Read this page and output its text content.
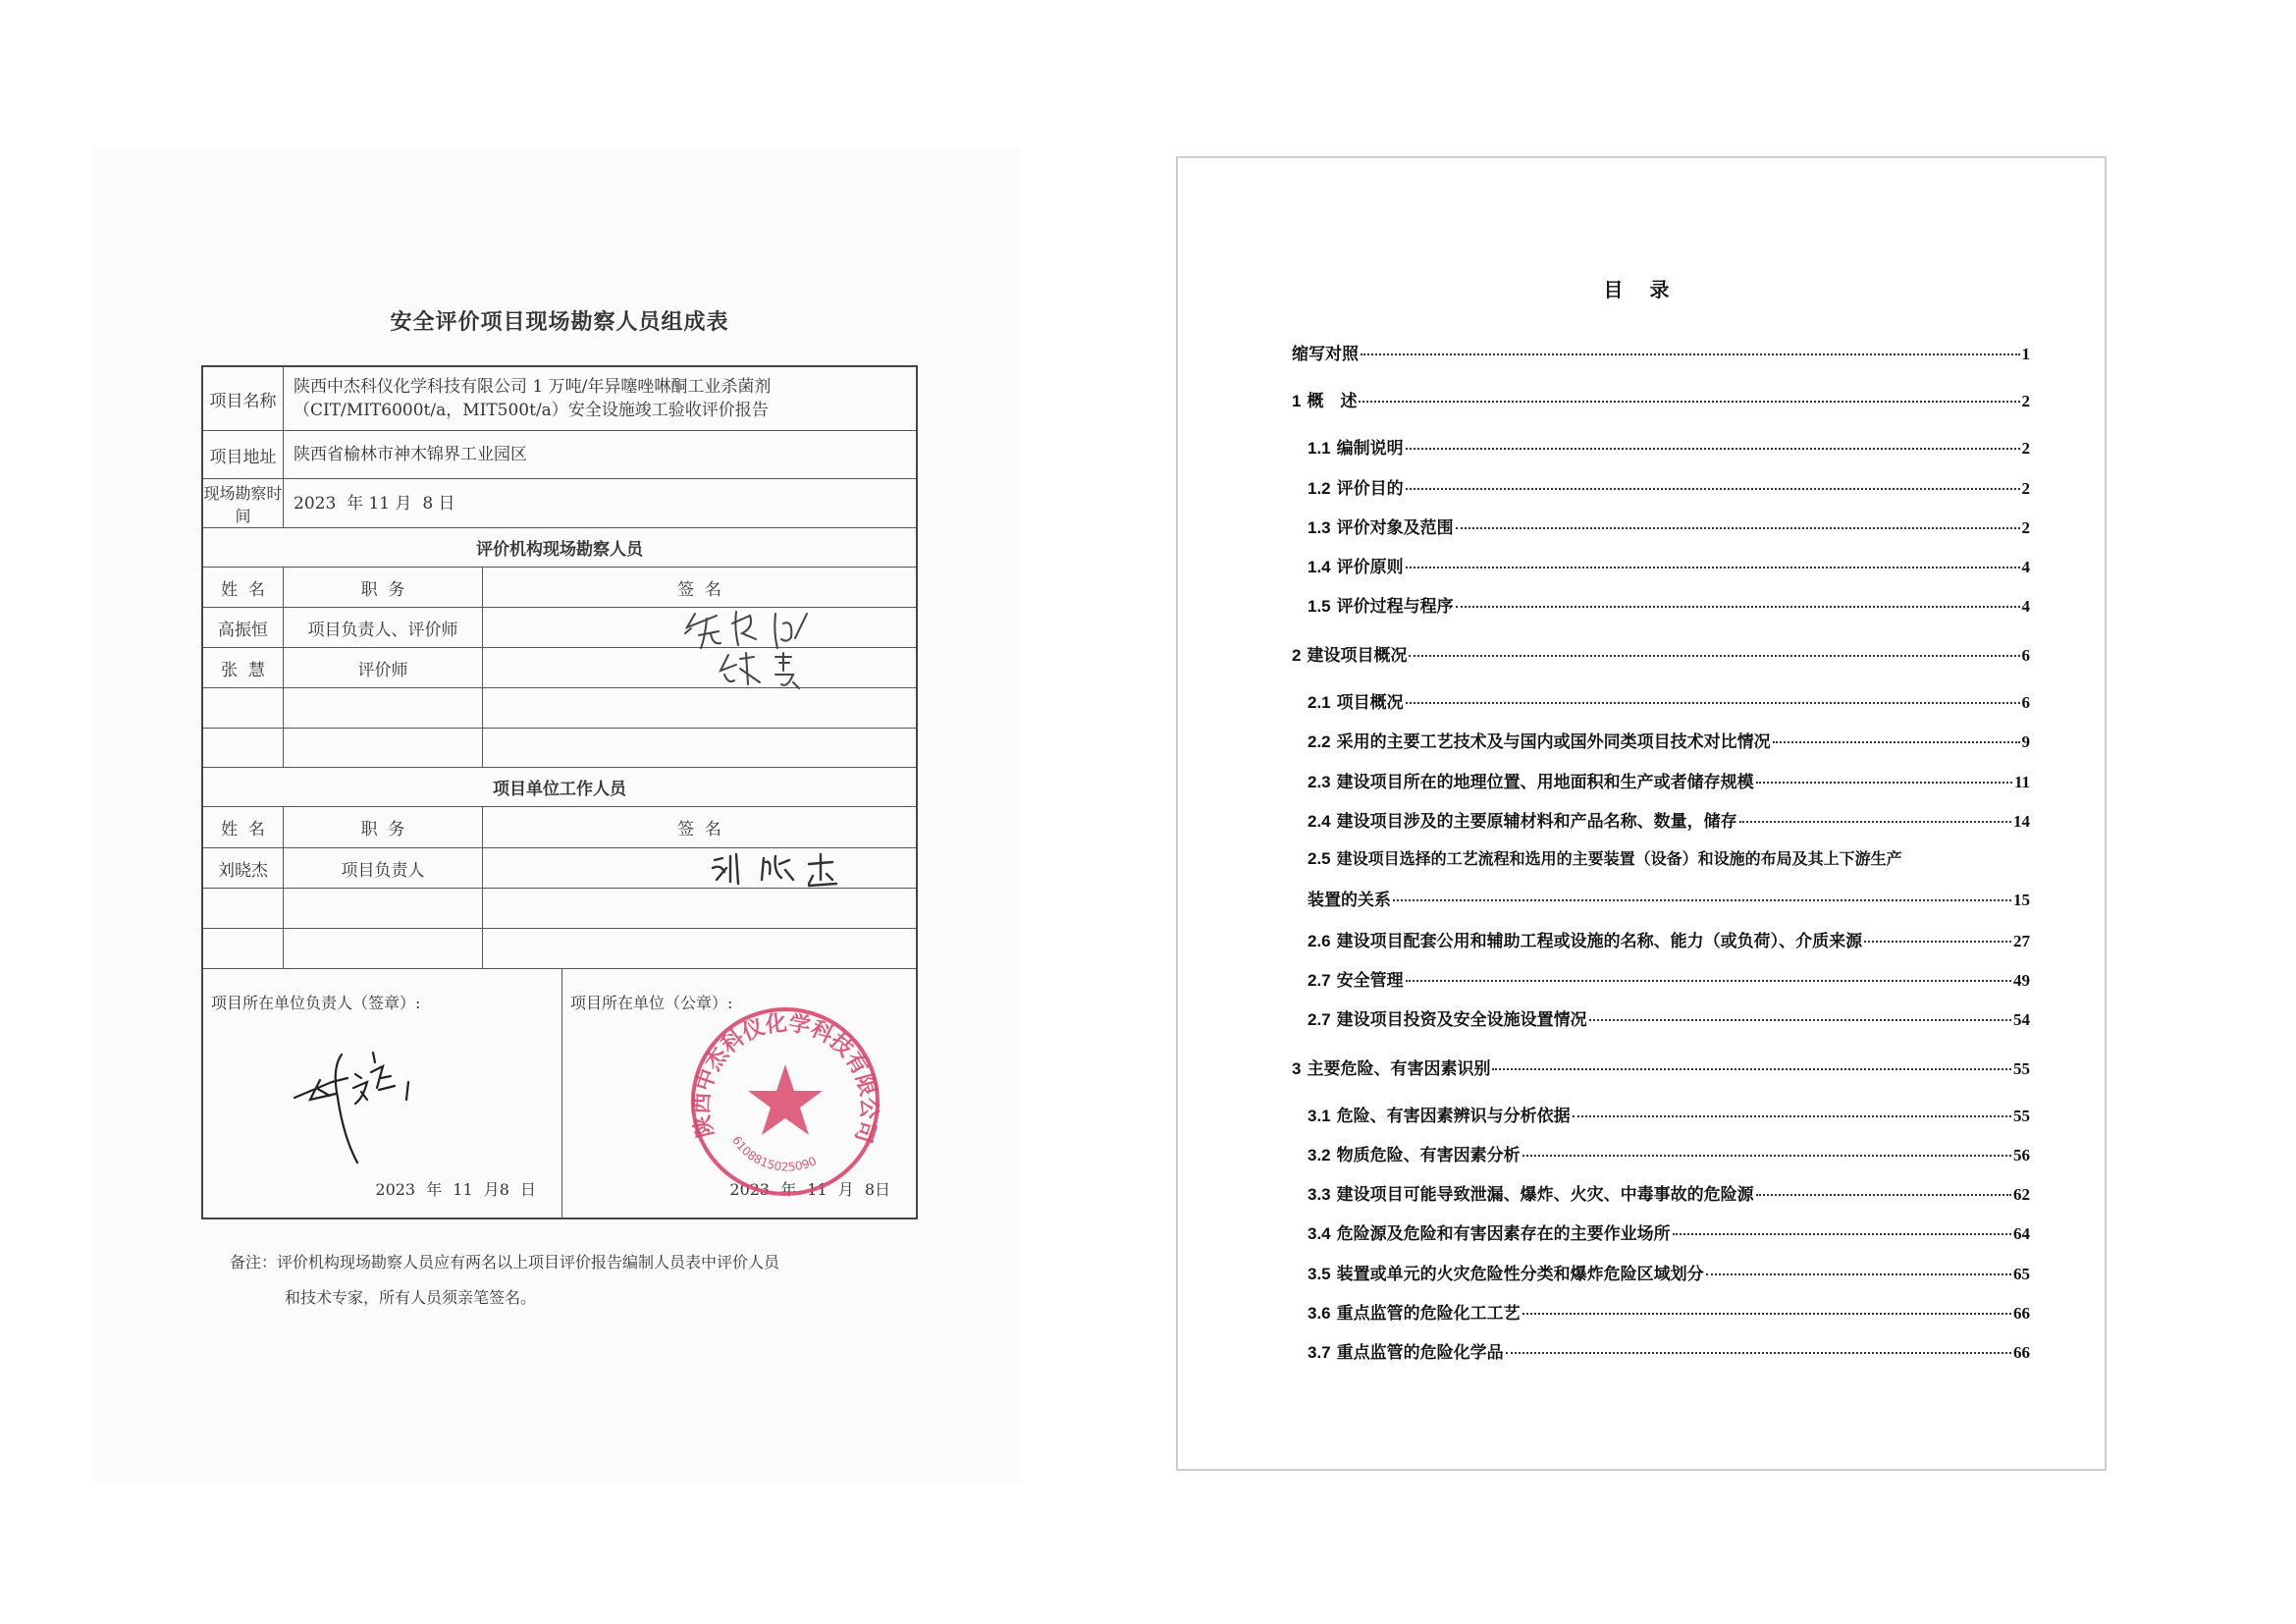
安全评价项目现场勘察人员组成表
项目名称
陕西中杰科仪化学科技有限公司 1 万吨/年异噻唑啉酮工业杀菌剂
（CIT/MIT6000t/a，MIT500t/a）安全设施竣工验收评价报告
项目地址	陕西省榆林市神木锦界工业园区
现场勘察时间
2023  年 11 月  8 日
评价机构现场勘察人员
姓  名	职  务	签  名
高振恒	项目负责人、评价师
张  慧	评价师
项目单位工作人员
姓  名	职  务	签  名
刘晓杰	项目负责人
项目所在单位负责人（签章）:
2023 年 11 月8 日
项目所在单位（公章）:
2023 年 11 月 8日
陕西中杰科仪化学科技有限公司
6108815025090
备注：评价机构现场勘察人员应有两名以上项目评价报告编制人员表中评价人员
和技术专家，所有人员须亲笔签名。
目 录
缩写对照	1
1 概　述	2
1.1 编制说明	2
1.2 评价目的	2
1.3 评价对象及范围	2
1.4 评价原则	4
1.5 评价过程与程序	4
2 建设项目概况	6
2.1 项目概况	6
2.2 采用的主要工艺技术及与国内或国外同类项目技术对比情况	9
2.3 建设项目所在的地理位置、用地面积和生产或者储存规模	11
2.4 建设项目涉及的主要原辅材料和产品名称、数量，储存	14
2.5 建设项目选择的工艺流程和选用的主要装置（设备）和设施的布局及其上下游生产
装置的关系	15
2.6 建设项目配套公用和辅助工程或设施的名称、能力（或负荷）、介质来源	27
2.7 安全管理	49
2.7 建设项目投资及安全设施设置情况	54
3 主要危险、有害因素识别	55
3.1 危险、有害因素辨识与分析依据	55
3.2 物质危险、有害因素分析	56
3.3 建设项目可能导致泄漏、爆炸、火灾、中毒事故的危险源	62
3.4 危险源及危险和有害因素存在的主要作业场所	64
3.5 装置或单元的火灾危险性分类和爆炸危险区域划分	65
3.6 重点监管的危险化工工艺	66
3.7 重点监管的危险化学品	66
